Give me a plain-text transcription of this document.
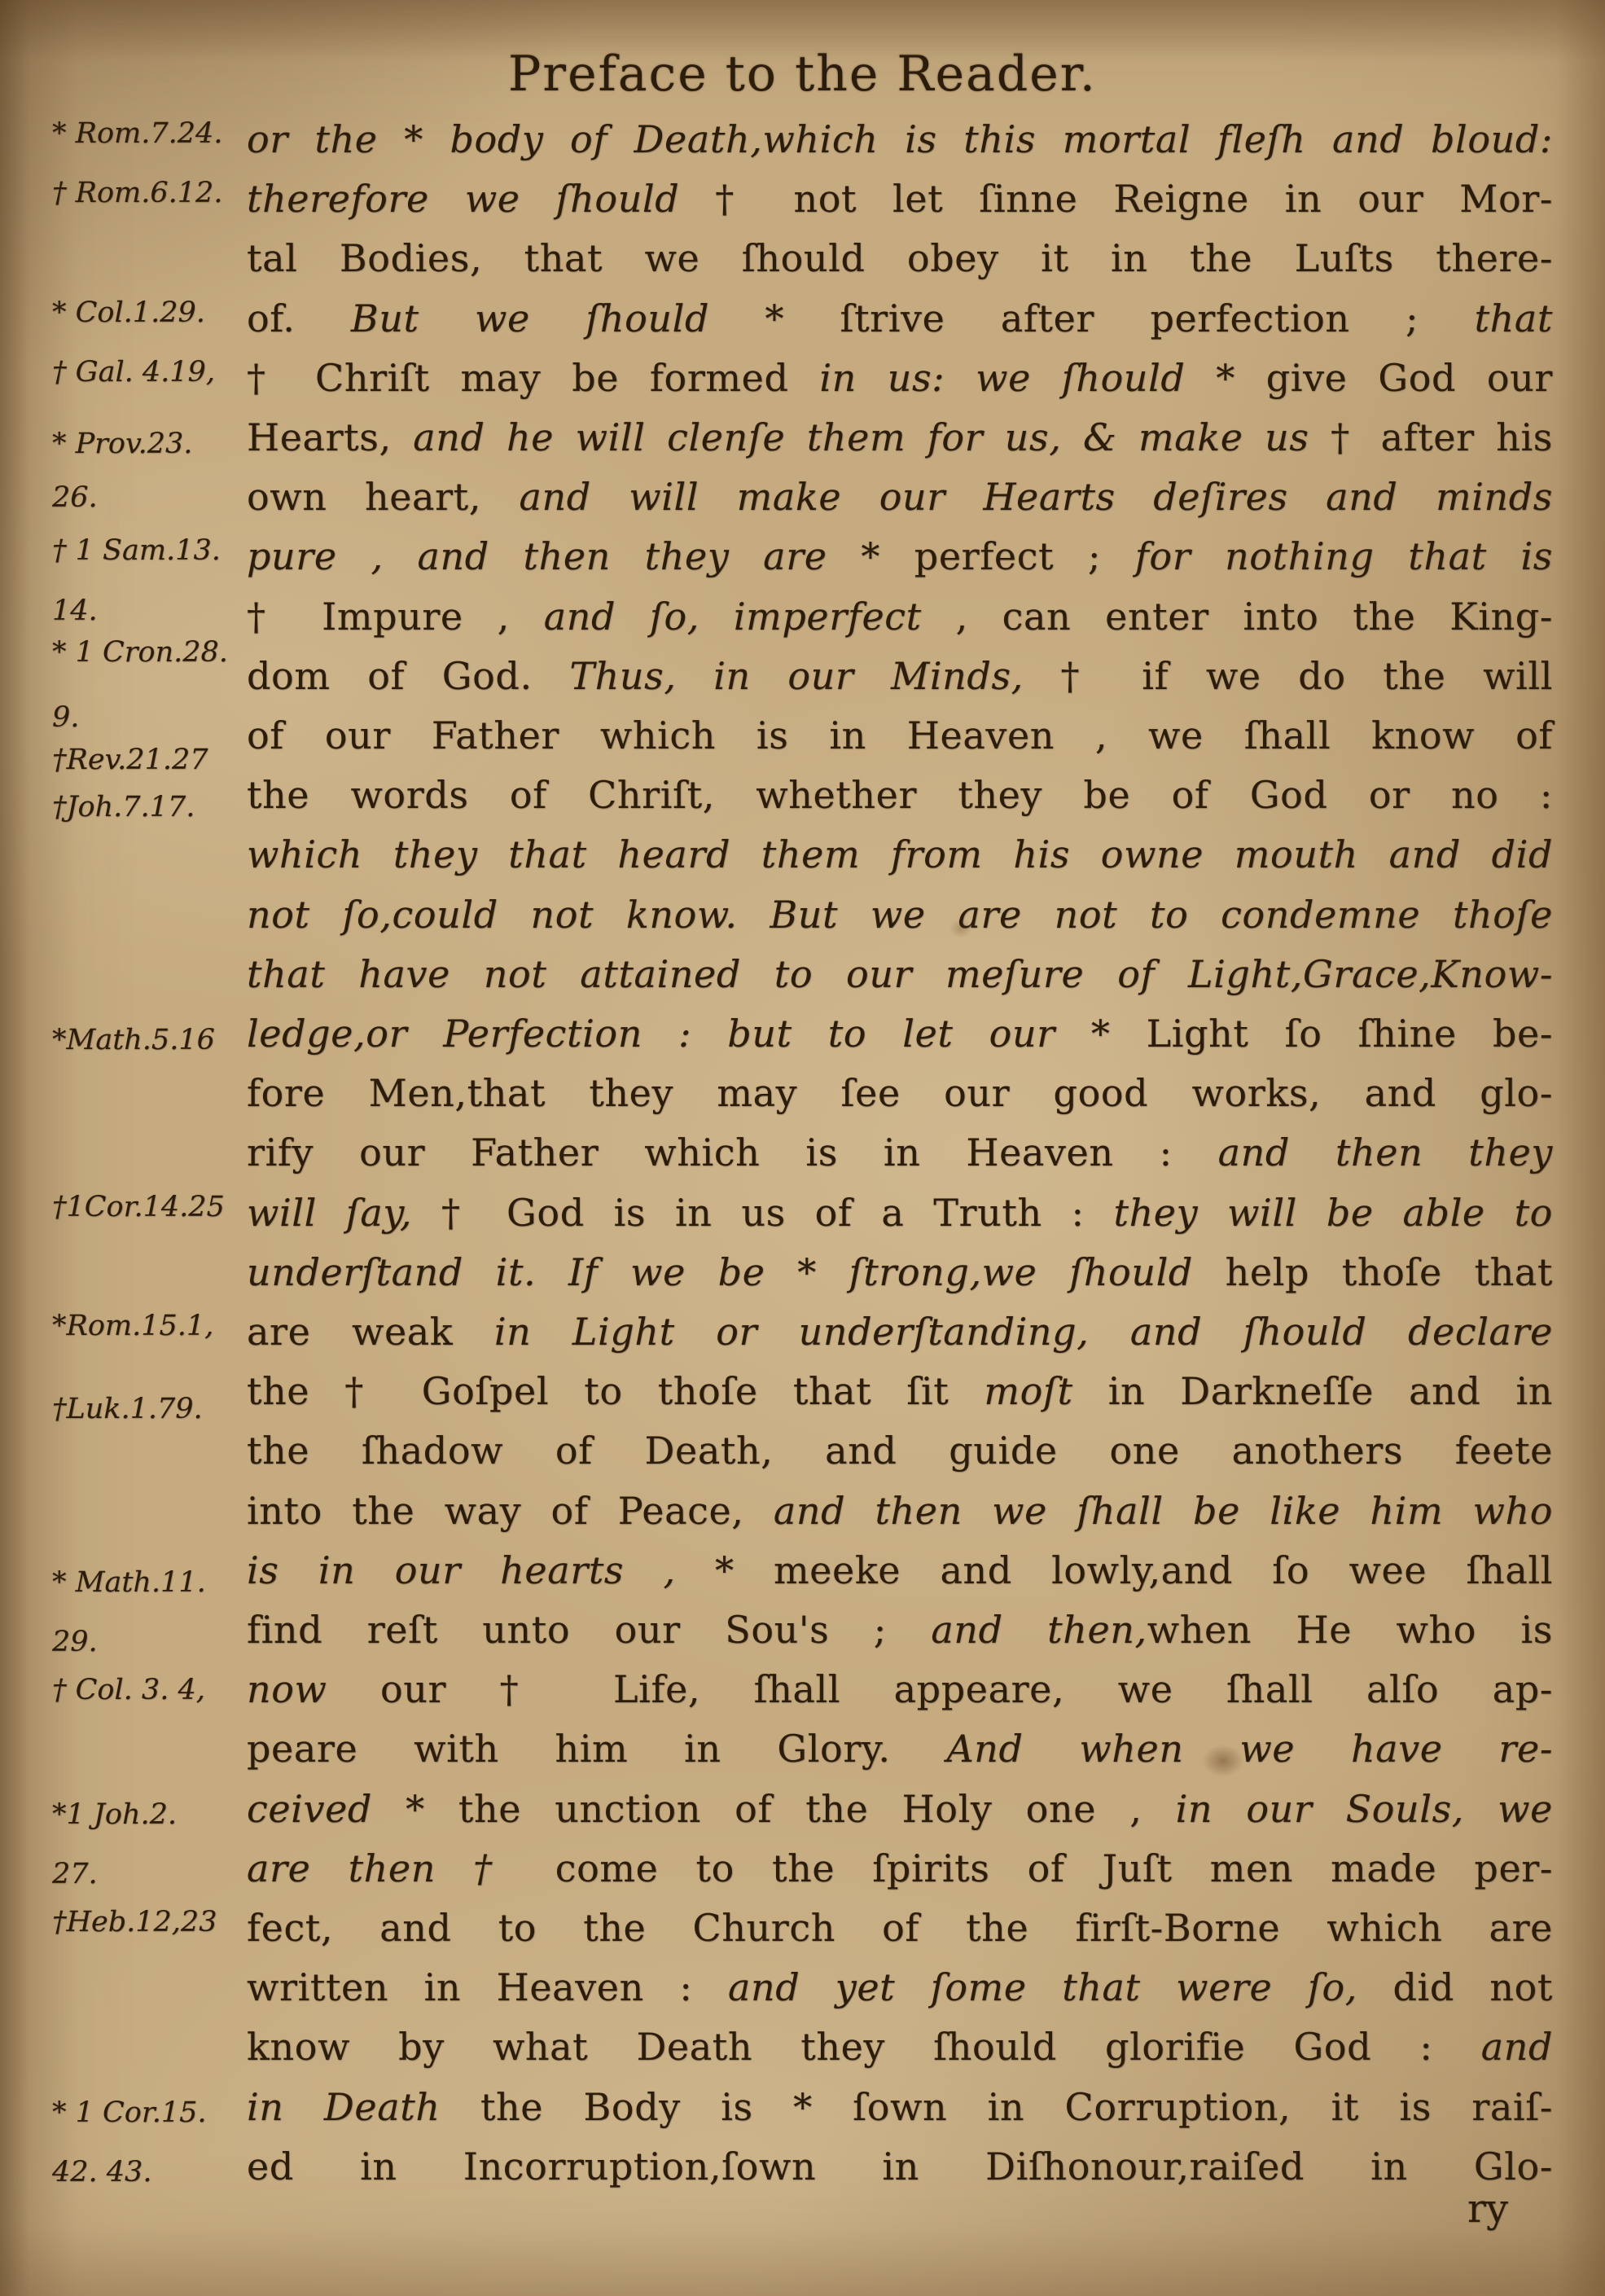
Preface to the Reader.
* Rom.7.24.
† Rom.6.12.
* Col.1.29.
† Gal. 4.19,
* Prov.23.
26.
† 1 Sam.13.
14.
* 1 Cron.28.
9.
†Rev.21.27
†Joh.7.17.
*Math.5.16
†1Cor.14.25
*Rom.15.1,
†Luk.1.79.
* Math.11.
29.
† Col. 3. 4,
*1 Joh.2.
27.
†Heb.12,23
* 1 Cor.15.
42. 43.
or the * body of Death,which is this mortal fleſh and bloud:
therefore we ſhould † not let ſinne Reigne in our Mor-
tal Bodies, that we ſhould obey it in the Luſts there-
of. But we ſhould * ſtrive after perfection ; that
† Chriſt may be formed in us: we ſhould * give God our
Hearts, and he will clenſe them for us, & make us † after his
own heart, and will make our Hearts deſires and minds
pure , and then they are * perfect ; for nothing that is
† Impure , and ſo, imperfect , can enter into the King-
dom of God. Thus, in our Minds, † if we do the will
of our Father which is in Heaven , we ſhall know of
the words of Chriſt, whether they be of God or no :
which they that heard them from his owne mouth and did
not ſo,could not know. But we are not to condemne thoſe
that have not attained to our meſure of Light,Grace,Know-
ledge,or Perfection : but to let our * Light ſo ſhine be-
fore Men,that they may ſee our good works, and glo-
rify our Father which is in Heaven : and then they
will ſay, † God is in us of a Truth : they will be able to
underſtand it. If we be * ſtrong,we ſhould help thoſe that
are weak in Light or underſtanding, and ſhould declare
the † Goſpel to thoſe that ſit moſt in Darkneſſe and in
the ſhadow of Death, and guide one anothers feete
into the way of Peace, and then we ſhall be like him who
is in our hearts , * meeke and lowly,and ſo wee ſhall
find reſt unto our Sou's ; and then,when He who is
now our † Life, ſhall appeare, we ſhall alſo ap-
peare with him in Glory. And when we have re-
ceived * the unction of the Holy one , in our Souls, we
are then † come to the ſpirits of Juſt men made per-
fect, and to the Church of the firſt-Borne which are
written in Heaven : and yet ſome that were ſo, did not
know by what Death they ſhould glorifie God : and
in Death the Body is * ſown in Corruption, it is raiſ-
ed in Incorruption,ſown in Diſhonour,raiſed in Glo-
ry
